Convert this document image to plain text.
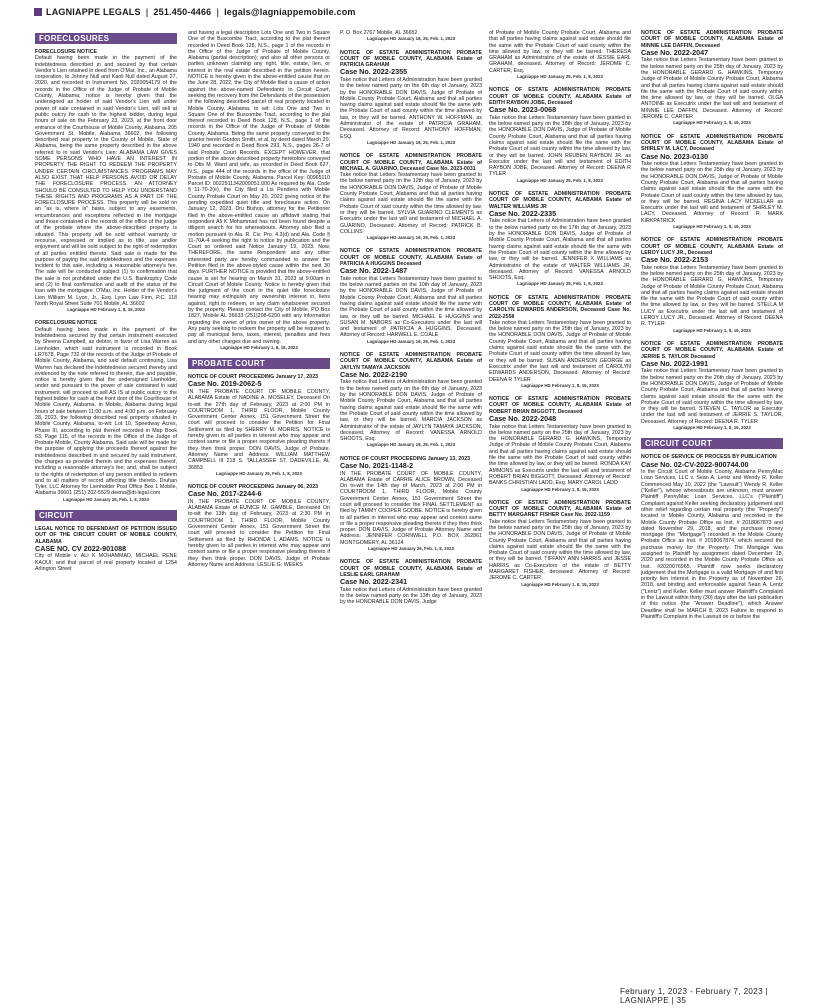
LAGNIAPPE LEGALS | 251.450-4466 | legals@lagniappemobile.com
FORECLOSURES

FORECLOSURE NOTICE

Default having been made in the payment of the indebtedness described in and secured by that certain Vendor's Lien retained in deed from O'Mar, Inc., an Alabama corporation, to Johnny Null and Kaoli Null dated August 27, 2020, and recorded in Instrument No. 2020054179 of the records in the Office of the Judge of Probate of Mobile County, Alabama; notice is hereby given that the undersigned as holder of said Vendor's Lien will under power of sale contained in said Vendor's Lien, will sell at public outcry for cash to the highest bidder, during legal hours of sale on the February 23, 2023, at the front door entrance of the Courthouse of Mobile County, Alabama, 205 Government St. Mobile, Alabama 36602, the following described real property in the County of Mobile, State of Alabama, being the same property described in the above referred to in said Vendor's Lien: ALABAMA LAW GIVES SOME PERSONS WHO HAVE AN INTEREST IN PROPERTY THE RIGHT TO REDEEM THE PROPERTY UNDER CERTAIN CIRCUMSTANCES. PROGRAMS MAY ALSO EXIST THAT HELP PERSONS AVOID OR DELAY THE FORECLOSURE PROCESS. AN ATTORNEY SHOULD BE CONSULTED TO HELP YOU UNDERSTAND THESE RIGHTS AND PROGRAMS AS A PART OF THE FORECLOSURE PROCESS. This property will be sold on an "as is, where is" basis, subject to any easements, encumbrances and exceptions reflected in the mortgage and those contained in the records of the office of the judge of the probate where the above-described property is situated. This property will be sold without warranty or recourse, expressed or implied as to title, use and/or enjoyment and will be sold subject to the right of redemption of all parties entitled thereto. Said sale is made for the purpose of paying the said indebtedness and the expenses incident to this sale, including a reasonable attorney's fee. The sale will be conducted subject (1) to confirmation that the sale is not prohibited under the U.S. Bankruptcy Code and (2) to final confirmation and audit of the status of the loan with the mortgagee. O'Mar, Inc. Holder of the Vendor's Lien William M. Lyon, Jr., Esq. Lyon Law Firm, P.C. 118 North Royal Street Suite 701 Mobile, AL 36602

Lagniappe HD February 1, 8, 15, 2023

FORECLOSURE NOTICE

Default having been made in the payment of the indebtedness secured by that certain instrument executed by Sheena Campbell, as debtor, in favor of Lisa Warren as Lienholder, which said instrument is recorded in Book LR7678, Page 732 of the records of the Judge of Probate of Mobile County, Alabama, and said default continuing, Lisa Warren has declared the indebtedness secured thereby and evidenced by the note referred to therein, due and payable, notice is hereby given that the undersigned Lienholder, under and pursuant to the power of sale contained in said instrument, will proceed to sell AS IS at public outcry to the highest bidder for cash at the front door of the Courthouse of Mobile County, Alabama, in Mobile, Alabama during legal hours of sale between 11:00 a.m. and 4:00 p.m. on February 28, 2023, the following described real property situated in Mobile County, Alabama, to-wit: Lot 10, Speedway Acres, Phase III, according to plat thereof recorded in Map Book 63, Page 115, of the records in the Office of the Judge of Probate Mobile, County Alabama. Said sale will be made for the purpose of applying the proceeds thereof against the indebtedness described in and secured by said instrument, the charges as provided therein and the expenses thereof, including a reasonable attorney's fee; and, shall be subject to the rights of redemption of any person entitled to redeem and to all matters of record affecting title thereto. Druhan Tyler, LLC Attorney for Lienholder Post Office Box 1 Mobile, Alabama 36601 (251) 202-5529 deena@dt-legal.com

Lagniappe HD January 25, Feb. 1, 8, 2023

CIRCUIT

LEGAL NOTICE TO DEFENDANT OF PETITION ISSUED OUT OF THE CIRCUIT COURT OF MOBILE COUNTY, ALABAMA

CASE NO. CV 2022-901088

City of Mobile v. ALI K MOHAMMAD, MICHAEL RENE KAOUI; and that parcel of real property located at 1254 Arlington Street

and having a legal description Lots One and Two in Square One of the Buscombe Tract, according to the plat thereof recorded in Deed Book 128, N.S., page 1 of the records in the Office of the Judge of Probate of Mobile County, Alabama (partial description); and also all other persons or parties unknown claiming any right, title, estate, lien, or interest in the real estate described in the petition herein. NOTICE is hereby given in the above-entitled cause that on the June 28, 2022, the City of Mobile filed a cause of action against the above-named Defendants in Circuit Court, seeking the recovery from the Defendants of the possession of the following described parcel of real property located in Mobile County, Alabama, to wit: Lots One and Two in Square One of the Buscombe Tract, according to the plat thereof recorded in Deed Book 128, N.S., page 1 of the records in the Office of the Judge of Probate of Mobile County, Alabama. Being the same property conveyed to the grantor herein Gordon Smith, et al, by deed dated March 20, 1940 and recorded in Deed Book 293, N.S., pages 26-7 of said Probate Court Records. EXCEPT HOWEVER, that portion of the above described property heretofore conveyed to Otis M. Ward and wife, as recorded in Deed Book 627, N.S., page 444 of the records in the office of the Judge of Probate of Mobile County, Alabama. Parcel Key: 00965110 Parcel ID: 0022911342000051.000 As required by Ala. Code § 11-70-2(e), the City filed a Lis Pendens with Mobile County Probate Court on May 20, 2022 giving notice of the pending expedited quiet title and foreclosure action. On January 12, 2023, Dru Bishop, attorney for the Petitioner filed in the above-entitled cause an affidavit stating that respondent Ali K Mohammad has not been found despite a diligent search for his whereabouts. Attorney also filed a motion pursuant to Ala. R. Civ. Pro. 4.3(d) and Ala. Code § 11-70A-4 seeking the right to notice by publication and the Court so ordered said Notice January 19, 2023. Now, THEREFORE, the same Respondent and any other interested party are hereby commanded to answer the Petition filed in the above-styled cause within the next 30 days. FURTHER NOTICE is provided that the above-entitled cause is set for hearing on March 31, 2023 at 9:00am in Circuit Court of Mobile County. Notice is hereby given that the judgment of the court in the quiet title foreclosure hearing may extinguish any ownership interest in, liens against, right to redeem, or any claim whatsoever secured by the property. Please contact the City of Mobile, PO Box 1827, Mobile AL 36633 (251)208-6200 with any information regarding the owner of prior owner of the above property. Any party seeking to redeem the property will be required to pay all municipal liens, taxes, interest, penalties and fees and any other charges due and owning.

Lagniappe HD February 1, 8, 15, 2023

PROBATE COURT

NOTICE OF COURT PROCEEDING January 17, 2023

Case No. 2019-2062-5

IN THE PROBATE COURT OF MOBILE COUNTY, ALABAMA Estate of NADINE A. MOSELEY, Deceased On to-wit the 27th day of February, 2023 at 2:00 PM in COURTROOM 1, THIRD FLOOR, Mobile County Government Center Annex, 151 Government Street the court will proceed to consider the Petition for Final Settlement as filed by SHERRY M. MORRIS. NOTICE is hereby given to all parties in interest who may appear and contest same or file a proper responsive pleading thereto if they then think proper. DON DAVIS, Judge of Probate. Attorney Name and Address: WILLIAM MATTHEW CAMPBELL III 218 S. TALLASSEE ST. DADEVILLE, AL 36853

Lagniappe HD January 25, Feb. 1, 8, 2023

NOTICE OF COURT PROCEEDING January 06, 2023

Case No. 2017-2244-6

IN THE PROBATE COURT OF MOBILE COUNTY, ALABAMA Estate of EUNICE M. GAMBLE, Deceased On to-wit the 13th day of February, 2023 at 2:30 PM in COURTROOM 1, THIRD FLOOR, Mobile County Government Center Annex, 151 Government Street the court will proceed to consider the Petition for Final Settlement as filed by RHONDA L ADAMS. NOTICE is hereby given to all parties in interest who may appear and contest same or file a proper responsive pleading thereto if they then think proper. DON DAVIS, Judge of Probate Attorney Name and Address: LESLIE G. WEEKS

P. O. Box 2767 Mobile, AL 36652

Lagniappe HD January 18, 25, Feb. 1, 2023

NOTICE OF ESTATE ADMINISTRATION PROBATE COURT OF MOBILE COUNTY, ALABAMA Estate of PATRICIA GRAHAM

Case No. 2022-2355

Take notice that Letters of Administration have been granted to the below named party on the 6th day of January, 2023 by the HONORABLE DON DAVIS, Judge of Probate of Mobile County Probate Court, Alabama and that all parties having claims against said estate should file the same with the Probate Court of said county within the time allowed by law, or they will be barred. ANTHONY W. HOFFMAN, as Administrator of the estate of PATRICIA GRAHAM, Deceased. Attorney of Record: ANTHONY HOFFMAN, ESQ.

Lagniappe HD January 18, 25, Feb. 1, 2023

NOTICE OF ESTATE ADMINISTRATION PROBATE COURT OF MOBILE COUNTY, ALABAMA Estate of MICHAEL A. GUARINO, Deceased Case No. 2023-0031

Take notice that Letters Testamentary have been granted to the below named party on the 12th day of January, 2023 by the HONORABLE DON DAVIS, Judge of Probate of Mobile County Probate Court, Alabama and that all parties having claims against said estate should file the same with the Probate Court of said county within the time allowed by law, or they will be barred. SYLVIA GUARINO CLEMENTS as Executrix under the last will and testament of MICHAEL A. GUARINO, Deceased. Attorney of Record: PATRICK B. COLLINS

Lagniappe HD January 18, 25, Feb. 1, 2023

NOTICE OF ESTATE ADMINISTRATION PROBATE COURT OF MOBILE COUNTY, ALABAMA Estate of PATRICIA A HUGGINS Deceased

Case No. 2022-1487

Take notice that Letters Testamentary have been granted to the below named parties on the 10th day of January, 2023 by the HONORABLE DON DAVIS, Judge of Probate of Mobile County Probate Court, Alabama and that all parties having claims against said estate should file the same with the Probate Court of said county within the time allowed by law, or they will be barred. MICHAEL E HUGGINS and SUSAN M. NABORS as Co-Executors under the last will and testament of PATRICIA A HUGGINS, Deceased. Attorney of Record: HARWELL E. COALE

Lagniappe HD January 18, 25, Feb. 1, 2023

NOTICE OF ESTATE ADMINISTRATION PROBATE COURT OF MOBILE COUNTY, ALABAMA Estate of JAYLYN TAMAYA JACKSON

Case No. 2022-2190

Take notice that Letters of Administration have been granted to the below named party on the 6th day of January, 2023 by the HONORABLE DON DAVIS, Judge of Probate of Mobile County Probate Court, Alabama and that all parties having claims against said estate should file the same with the Probate Court of said county within the time allowed by law, or they will be barred. MARCIA JACKSON as Administratrix of the estate of JAYLYN TAMAYA JACKSON, deceased. Attorney of Record: VANESSA ARNOLD SHOOTS, Esq.

Lagniappe HD January 18, 25, Feb. 1, 2023

NOTICE OF COURT PROCEEDING January 13, 2023

Case No. 2021-1148-2

IN THE PROBATE COURT OF MOBILE COUNTY, ALABAMA Estate of CARRIE ALICE BROWN, Deceased On to-wit the 14th day of March, 2023 at 2:00 PM in COURTROOM 1, THIRD FLOOR, Mobile County Government Center Annex, 151 Government Street the court will proceed to consider the FINAL SETTLEMENT as filed by TAMMY COOPER GODBE. NOTICE is hereby given to all parties in interest who may appear and contest same or file a proper responsive pleading thereto if they then think proper. DON DAVIS, Judge of Probate Attorney Name and Address: JENNIFER CORNWELL P.O. BOX 262861 MONTGOMERY, AL 36124

Lagniappe HD January 25, Feb. 1, 8, 2023

NOTICE OF ESTATE ADMINISTRATION PROBATE COURT OF MOBILE COUNTY, ALABAMA Estate of LESLIE EARL GRAHAM

Case No. 2022-2341

Take notice that Letters of Administration have been granted to the below named party on the 13th day of January, 2023 by the HONORABLE DON DAVIS, Judge

of Probate of Mobile County Probate Court, Alabama and that all parties having claims against said estate should file the same with the Probate Court of said county within the time allowed by law, or they will be barred. THERESA GRAHAM as Administratrix of the estate of JESSIE EARL GRAHAM, deceased. Attorney of Record: JEROME C. CARTER, Esq.

Lagniappe HD January 25, Feb. 1, 8, 2023

NOTICE OF ESTATE ADMINISTRATION PROBATE COURT OF MOBILE COUNTY, ALABAMA Estate of EDITH RAYBON JOBE, Deceased

Case No. 2023-0068

Take notice that Letters Testamentary have been granted to the below named party on the 18th day of January, 2023 by the HONORABLE DON DAVIS, Judge of Probate of Mobile County Probate Court, Alabama and that all parties having claims against said estate should file the same with the Probate Court of said county within the time allowed by law, or they will be barred. JOHN REUBEN RAYBON JR. as Executor under the last will and testament of EDITH RAYBON JOBE, Deceased. Attorney of Record: DEENA R TYLER

Lagniappe HD January 25, Feb. 1, 8, 2023

NOTICE OF ESTATE ADMINISTRATION PROBATE COURT OF MOBILE COUNTY, ALABAMA Estate of WALTER WILLIAMS JR

Case No. 2022-2335

Take notice that Letters of Administration have been granted to the below named party on the 17th day of January, 2023 by the HONORABLE DON DAVIS, Judge of Probate of Mobile County Probate Court, Alabama and that all parties having claims against said estate should file the same with the Probate Court of said county within the time allowed by law, or they will be barred. JENNIFER X WILLIAMS as Administratrix of the estate of WALTER WILLIAMS JR, deceased. Attorney of Record: VANESSA ARNOLD SHOOTS, Esq.

Lagniappe HD January 25, Feb. 1, 8, 2023

NOTICE OF ESTATE ADMINISTRATION PROBATE COURT OF MOBILE COUNTY, ALABAMA Estate of CAROLYN EDWARDS ANDERSON, Deceased Case No. 2022-2558

Take notice that Letters Testamentary have been granted to the below named party on the 25th day of January, 2023 by the HONORABLE DON DAVIS, Judge of Probate of Mobile County Probate Court, Alabama and that all parties having claims against said estate should file the same with the Probate Court of said county within the time allowed by law, or they will be barred. SUSAN ANDERSON GEORGE as Executrix under the last will and testament of CAROLYN EDWARDS ANDERSON, Deceased. Attorney of Record: DEENA R TYLER

Lagniappe HD February 1, 8, 15, 2023

NOTICE OF ESTATE ADMINISTRATION PROBATE COURT OF MOBILE COUNTY, ALABAMA Estate of ROBERT BRIAN BIGGOTT, Deceased

Case No. 2022-2048

Take notice that Letters Testamentary have been granted to the below named party on the 25th day of January, 2023 by the HONORABLE GERARD G. HAWKINS, Temporary Judge of Probate of Mobile County Probate Court, Alabama and that all parties having claims against said estate should file the same with the Probate Court of said county within the time allowed by law, or they will be barred. RONDA KAY AMMONS as Executrix under the last will and testament of ROBERT BRIAN BIGGOTT, Deceased. Attorney of Record: BANKS CHRISTIAN LADD, Esq. MARY CAROL LADD

Lagniappe HD February 1, 8, 15, 2023

NOTICE OF ESTATE ADMINISTRATION PROBATE COURT OF MOBILE COUNTY, ALABAMA Estate of BETTY MARGARET FISHER Case No. 2022-1159

Take notice that Letters Testamentary have been granted to the below named party on the 25th day of January, 2023 by the HONORABLE DON DAVIS, Judge of Probate of Mobile County Probate Court, Alabama and that all parties having claims against said estate should file the same with the Probate Court of said county within the time allowed by law, or they will be barred. TIFFANY ANN HARRIS and JESSE HARRIS as Co-Executors of the estate of BETTY MARGARET FISHER, deceased. Attorney of Record: JEROME C. CARTER

Lagniappe HD February 1, 8, 15, 2023

NOTICE OF ESTATE ADMINISTRATION PROBATE COURT OF MOBILE COUNTY, ALABAMA Estate of MINNIE LEE DAFFIN, Deceased

Case No. 2022-2047

Take notice that Letters Testamentary have been granted to the below named party on the 25th day of January, 2023 by the HONORABLE GERARD G. HAWKINS, Temporary Judge of Probate of Mobile County Probate Court, Alabama and that all parties having claims against said estate should file the same with the Probate Court of said county within the time allowed by law, or they will be barred. OLGA ANTOINE as Executrix under the last will and testament of MINNIE LEE DAFFIN, Deceased. Attorney of Record: JEROME C. CARTER

Lagniappe HD February 1, 8, 15, 2023

NOTICE OF ESTATE ADMINISTRATION PROBATE COURT OF MOBILE COUNTY, ALABAMA Estate of SHIRLEY M. LACY, Deceased

Case No. 2023-0130

Take notice that Letters Testamentary have been granted to the below named party on the 25th day of January, 2023 by the HONORABLE DON DAVIS, Judge of Probate of Mobile County Probate Court, Alabama and that all parties having claims against said estate should file the same with the Probate Court of said county within the time allowed by law, or they will be barred. REGINA LACY MCKELLAR as Executrix under the last will and testament of SHIRLEY M. LACY, Deceased. Attorney of Record: R. MARK KIRKPATRICK

Lagniappe HD February 1, 8, 15, 2023

NOTICE OF ESTATE ADMINISTRATION PROBATE COURT OF MOBILE COUNTY, ALABAMA Estate of LEROY LUCY JR., Deceased

Case No. 2022-2153

Take notice that Letters Testamentary have been granted to the below named party on the 25th day of January, 2023 by the HONORABLE GERARD G. HAWKINS, Temporary Judge of Probate of Mobile County Probate Court, Alabama and that all parties having claims against said estate should file the same with the Probate Court of said county within the time allowed by law, or they will be barred. STELLA M LUCY as Executrix under the last will and testament of LEROY LUCY JR., Deceased. Attorney of Record: DEENA R. TYLER

Lagniappe HD February 1, 8, 15, 2023

NOTICE OF ESTATE ADMINISTRATION PROBATE COURT OF MOBILE COUNTY, ALABAMA Estate of JERRIE S. TAYLOR Deceased

Case No. 2022-1991

Take notice that Letters Testamentary have been granted to the below named party on the 26th day of January, 2023 by the HONORABLE DON DAVIS, Judge of Probate of Mobile County Probate Court, Alabama and that all parties having claims against said estate should file the same with the Probate Court of said county within the time allowed by law, or they will be barred. STEVEN C. TAYLOR as Executor under the last will and testament of JERRIE S. TAYLOR, Deceased. Attorney of Record: DEENA R. TYLER

Lagniappe HD February 1, 8, 15, 2023

CIRCUIT COURT

NOTICE OF SERVICE OF PROCESS BY PUBLICATION

Case No. 02-CV-2022-900744.00

In the Circuit Court of Mobile County, Alabama PennyMac Loan Services, LLC v. Sean A. Lentz and Wendy R. Keller Commenced May 10, 2022 (the "Lawsuit") Wendy R. Keller ("Keller"), whose whereabouts are unknown, must answer Plaintiff PennyMac Loan Services, LLC's ("Plaintiff") Complaint against Keller seeking declaratory judgement and other relief regarding certain real property (the "Property") located in Mobile County, Alabama and recorded in the Mobile County Probate Office as Inst. # 2018067873 and dated November 29, 2018, and the purchase money mortgage (the "Mortgage") recorded in the Mobile County Probate Office as Inst. # 2018067874, which secured the purchase money for the Property. The Mortgage was assigned to Plaintiff by assignment dated December 18, 2020 and recorded in the Mobile County Probate Office as Inst. #2020076965. Plaintiff now seeks declaratory judgement that the Mortgage is a valid Mortgage of and first priority lien interest in the Property as of November 29, 2018, and binding and enforceable against Sean A. Lentz ("Lentz") and Keller. Keller must answer Plaintiff's Complaint in the Lawsuit within thirty (30) days after the last publication of this notice (the "Answer Deadline"), which Answer Deadline shall be MARCH 8, 2023 Failure to respond to Plaintiff's Complaint in the Lawsuit on or before the

February 1, 2023 - February 7, 2023 | LAGNIAPPE | 35
